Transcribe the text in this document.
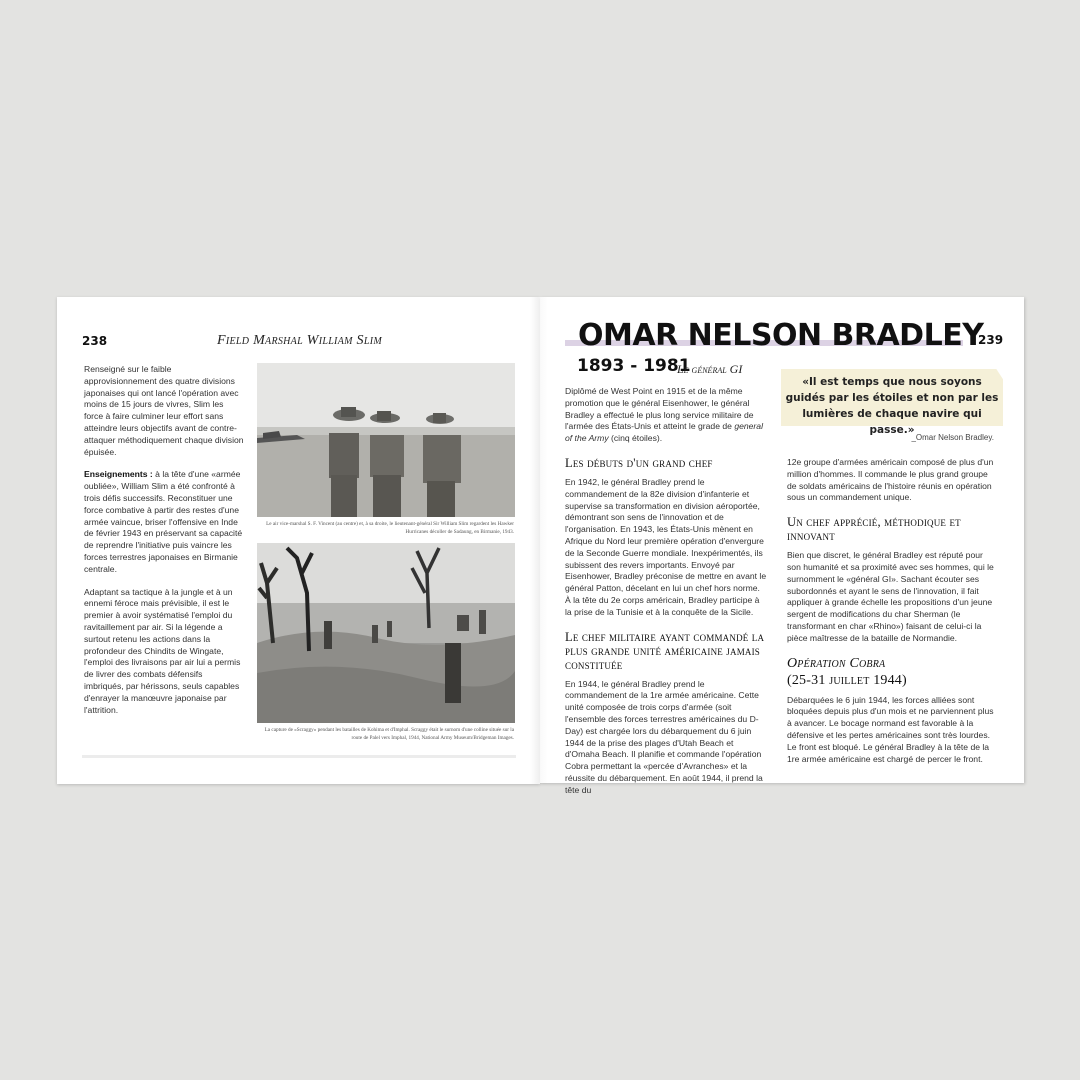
238	Field Marshal William Slim

Renseigné sur le faible approvisionnement des quatre divisions japonaises qui ont lancé l'opération avec moins de 15 jours de vivres, Slim les force à faire culminer leur effort sans atteindre leurs objectifs avant de contre-attaquer méthodiquement chaque division épuisée.

Enseignements : à la tête d'une «armée oubliée», William Slim a été confronté à trois défis successifs. Reconstituer une force combative à partir des restes d'une armée vaincue, briser l'offensive en Inde de février 1943 en préservant sa capacité de reprendre l'initiative puis vaincre les forces terrestres japonaises en Birmanie centrale.

Adaptant sa tactique à la jungle et à un ennemi féroce mais prévisible, il est le premier à avoir systématisé l'emploi du ravitaillement par air. Si la légende a surtout retenu les actions dans la profondeur des Chindits de Wingate, l'emploi des livraisons par air lui a permis de livrer des combats défensifs imbriqués, par hérissons, seuls capables d'enrayer la manœuvre japonaise par l'attrition.

Le air vice-marshal S. F. Vincent (au centre) et, à sa droite, le lieutenant-général Sir William Slim regardent les Hawker Hurricanes décoller de Sadaung, en Birmanie, 1943.
La capture de «Scraggy» pendant les batailles de Kohima et d'Imphal. Scraggy était le surnom d'une colline située sur la route de Palel vers Imphal, 1944, National Army Museum/Bridgeman Images.
OMAR NELSON BRADLEY
239
1893 - 1981
Le général GI

Diplômé de West Point en 1915 et de la même promotion que le général Eisenhower, le général Bradley a effectué le plus long service militaire de l'armée des États-Unis et atteint le grade de general of the Army (cinq étoiles).

Les débuts d'un grand chef

En 1942, le général Bradley prend le commandement de la 82e division d'infanterie et supervise sa transformation en division aéroportée, démontrant son sens de l'innovation et de l'organisation. En 1943, les États-Unis mènent en Afrique du Nord leur première opération d'envergure de la Seconde Guerre mondiale. Inexpérimentés, ils subissent des revers importants. Envoyé par Eisenhower, Bradley préconise de mettre en avant le général Patton, décelant en lui un chef hors norme. À la tête du 2e corps américain, Bradley participe à la prise de la Tunisie et à la conquête de la Sicile.

Le chef militaire ayant commandé la plus grande unité américaine jamais constituée

En 1944, le général Bradley prend le commandement de la 1re armée américaine. Cette unité composée de trois corps d'armée (soit l'ensemble des forces terrestres américaines du D-Day) est chargée lors du débarquement du 6 juin 1944 de la prise des plages d'Utah Beach et d'Omaha Beach. Il planifie et commande l'opération Cobra permettant la «percée d'Avranches» et la réussite du débarquement. En août 1944, il prend la tête du

«Il est temps que nous soyons guidés par les étoiles et non par les lumières de chaque navire qui passe.»
_Omar Nelson Bradley.

12e groupe d'armées américain composé de plus d'un million d'hommes. Il commande le plus grand groupe de soldats américains de l'histoire réunis en opération sous un commandement unique.

Un chef apprécié, méthodique et innovant

Bien que discret, le général Bradley est réputé pour son humanité et sa proximité avec ses hommes, qui le surnomment le «général GI». Sachant écouter ses subordonnés et ayant le sens de l'innovation, il fait appliquer à grande échelle les propositions d'un jeune sergent de modifications du char Sherman (le transformant en char «Rhino») faisant de celui-ci la pièce maîtresse de la bataille de Normandie.

Opération Cobra
(25-31 juillet 1944)

Débarquées le 6 juin 1944, les forces alliées sont bloquées depuis plus d'un mois et ne parviennent plus à avancer. Le bocage normand est favorable à la défensive et les pertes américaines sont très lourdes. Le front est bloqué. Le général Bradley à la tête de la 1re armée américaine est chargé de percer le front.
